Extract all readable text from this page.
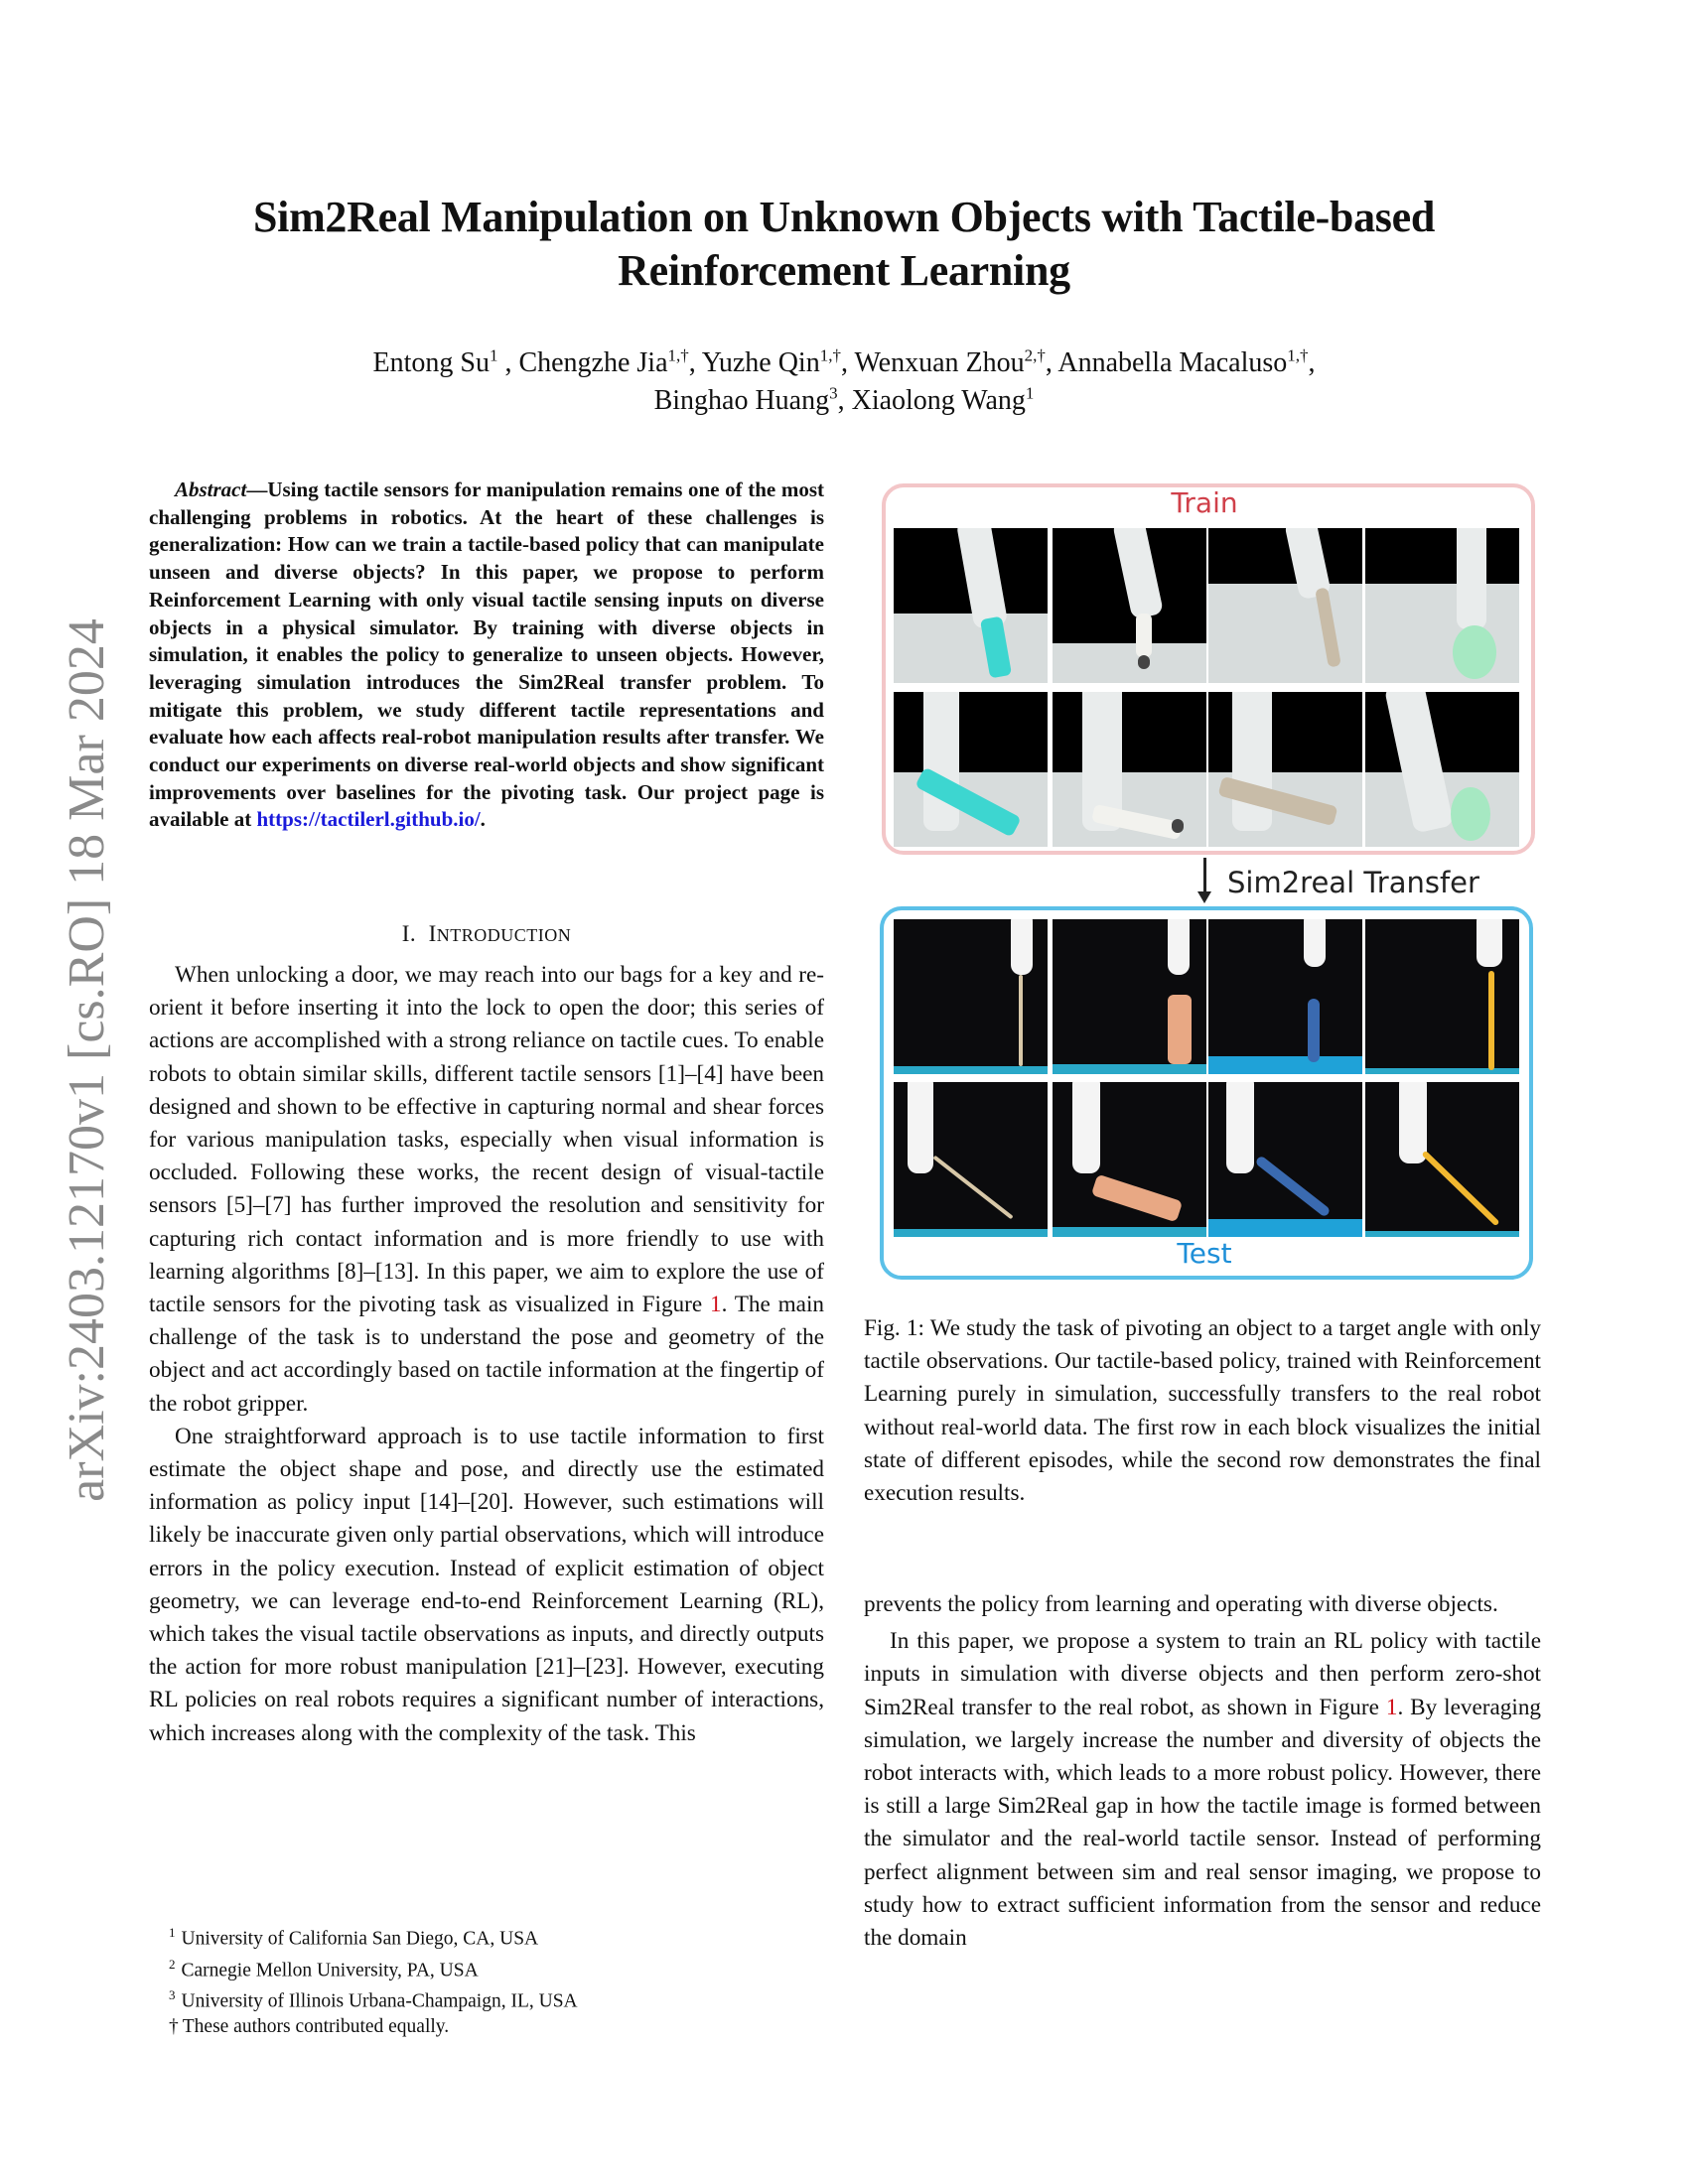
arXiv:2403.12170v1 [cs.RO] 18 Mar 2024
Sim2Real Manipulation on Unknown Objects with Tactile-based Reinforcement Learning
Entong Su$^1$ , Chengzhe Jia$^{1,\dagger}$, Yuzhe Qin$^{1,\dagger}$, Wenxuan Zhou$^{2,\dagger}$, Annabella Macaluso$^{1,\dagger}$,
Binghao Huang$^3$, Xiaolong Wang$^1$
Abstract—Using tactile sensors for manipulation remains one of the most challenging problems in robotics. At the heart of these challenges is generalization: How can we train a tactile-based policy that can manipulate unseen and diverse objects? In this paper, we propose to perform Reinforcement Learning with only visual tactile sensing inputs on diverse objects in a physical simulator. By training with diverse objects in simulation, it enables the policy to generalize to unseen objects. However, leveraging simulation introduces the Sim2Real transfer problem. To mitigate this problem, we study different tactile representations and evaluate how each affects real-robot manipulation results after transfer. We conduct our experiments on diverse real-world objects and show significant improvements over baselines for the pivoting task. Our project page is available at https://tactilerl.github.io/.
I. INTRODUCTION

When unlocking a door, we may reach into our bags for a key and re-orient it before inserting it into the lock to open the door; this series of actions are accomplished with a strong reliance on tactile cues. To enable robots to obtain similar skills, different tactile sensors [1]–[4] have been designed and shown to be effective in capturing normal and shear forces for various manipulation tasks, especially when visual information is occluded. Following these works, the recent design of visual-tactile sensors [5]–[7] has further improved the resolution and sensitivity for capturing rich contact information and is more friendly to use with learning algorithms [8]–[13]. In this paper, we aim to explore the use of tactile sensors for the pivoting task as visualized in Figure 1. The main challenge of the task is to understand the pose and geometry of the object and act accordingly based on tactile information at the fingertip of the robot gripper.

One straightforward approach is to use tactile information to first estimate the object shape and pose, and directly use the estimated information as policy input [14]–[20]. However, such estimations will likely be inaccurate given only partial observations, which will introduce errors in the policy execution. Instead of explicit estimation of object geometry, we can leverage end-to-end Reinforcement Learning (RL), which takes the visual tactile observations as inputs, and directly outputs the action for more robust manipulation [21]–[23]. However, executing RL policies on real robots requires a significant number of interactions, which increases along with the complexity of the task. This

$^1$ University of California San Diego, CA, USA
$^2$ Carnegie Mellon University, PA, USA
$^3$ University of Illinois Urbana-Champaign, IL, USA
† These authors contributed equally.
Train
Sim2real Transfer
Test
Fig. 1: We study the task of pivoting an object to a target angle with only tactile observations. Our tactile-based policy, trained with Reinforcement Learning purely in simulation, successfully transfers to the real robot without real-world data. The first row in each block visualizes the initial state of different episodes, while the second row demonstrates the final execution results.
prevents the policy from learning and operating with diverse objects.

In this paper, we propose a system to train an RL policy with tactile inputs in simulation with diverse objects and then perform zero-shot Sim2Real transfer to the real robot, as shown in Figure 1. By leveraging simulation, we largely increase the number and diversity of objects the robot interacts with, which leads to a more robust policy. However, there is still a large Sim2Real gap in how the tactile image is formed between the simulator and the real-world tactile sensor. Instead of performing perfect alignment between sim and real sensor imaging, we propose to study how to extract sufficient information from the sensor and reduce the domain
